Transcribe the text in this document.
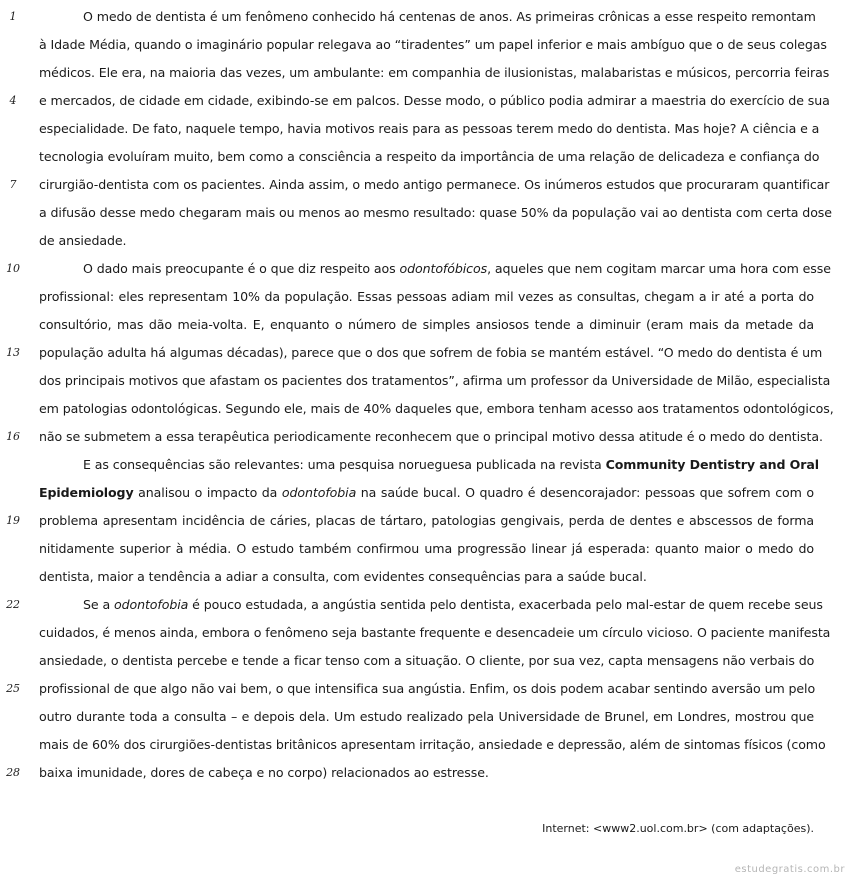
1	O medo de dentista é um fenômeno conhecido há centenas de anos. As primeiras crônicas a esse respeito remontam
à Idade Média, quando o imaginário popular relegava ao “tiradentes” um papel inferior e mais ambíguo que o de seus colegas
médicos. Ele era, na maioria das vezes, um ambulante: em companhia de ilusionistas, malabaristas e músicos, percorria feiras
4	e mercados, de cidade em cidade, exibindo-se em palcos. Desse modo, o público podia admirar a maestria do exercício de sua
especialidade. De fato, naquele tempo, havia motivos reais para as pessoas terem medo do dentista. Mas hoje? A ciência e a
tecnologia evoluíram muito, bem como a consciência a respeito da importância de uma relação de delicadeza e confiança do
7	cirurgião-dentista com os pacientes. Ainda assim, o medo antigo permanece. Os inúmeros estudos que procuraram quantificar
a difusão desse medo chegaram mais ou menos ao mesmo resultado: quase 50% da população vai ao dentista com certa dose
de ansiedade.
10	O dado mais preocupante é o que diz respeito aos odontofóbicos, aqueles que nem cogitam marcar uma hora com esse
profissional: eles representam 10% da população. Essas pessoas adiam mil vezes as consultas, chegam a ir até a porta do
consultório, mas dão meia-volta. E, enquanto o número de simples ansiosos tende a diminuir (eram mais da metade da
13	população adulta há algumas décadas), parece que o dos que sofrem de fobia se mantém estável. “O medo do dentista é um
dos principais motivos que afastam os pacientes dos tratamentos”, afirma um professor da Universidade de Milão, especialista
em patologias odontológicas. Segundo ele, mais de 40% daqueles que, embora tenham acesso aos tratamentos odontológicos,
16	não se submetem a essa terapêutica periodicamente reconhecem que o principal motivo dessa atitude é o medo do dentista.
E as consequências são relevantes: uma pesquisa norueguesa publicada na revista Community Dentistry and Oral
Epidemiology analisou o impacto da odontofobia na saúde bucal. O quadro é desencorajador: pessoas que sofrem com o
19	problema apresentam incidência de cáries, placas de tártaro, patologias gengivais, perda de dentes e abscessos de forma
nitidamente superior à média. O estudo também confirmou uma progressão linear já esperada: quanto maior o medo do
dentista, maior a tendência a adiar a consulta, com evidentes consequências para a saúde bucal.
22	Se a odontofobia é pouco estudada, a angústia sentida pelo dentista, exacerbada pelo mal-estar de quem recebe seus
cuidados, é menos ainda, embora o fenômeno seja bastante frequente e desencadeie um círculo vicioso. O paciente manifesta
ansiedade, o dentista percebe e tende a ficar tenso com a situação. O cliente, por sua vez, capta mensagens não verbais do
25	profissional de que algo não vai bem, o que intensifica sua angústia. Enfim, os dois podem acabar sentindo aversão um pelo
outro durante toda a consulta – e depois dela. Um estudo realizado pela Universidade de Brunel, em Londres, mostrou que
mais de 60% dos cirurgiões-dentistas britânicos apresentam irritação, ansiedade e depressão, além de sintomas físicos (como
28	baixa imunidade, dores de cabeça e no corpo) relacionados ao estresse.
Internet: <www2.uol.com.br> (com adaptações).
estudegratis.com.br
